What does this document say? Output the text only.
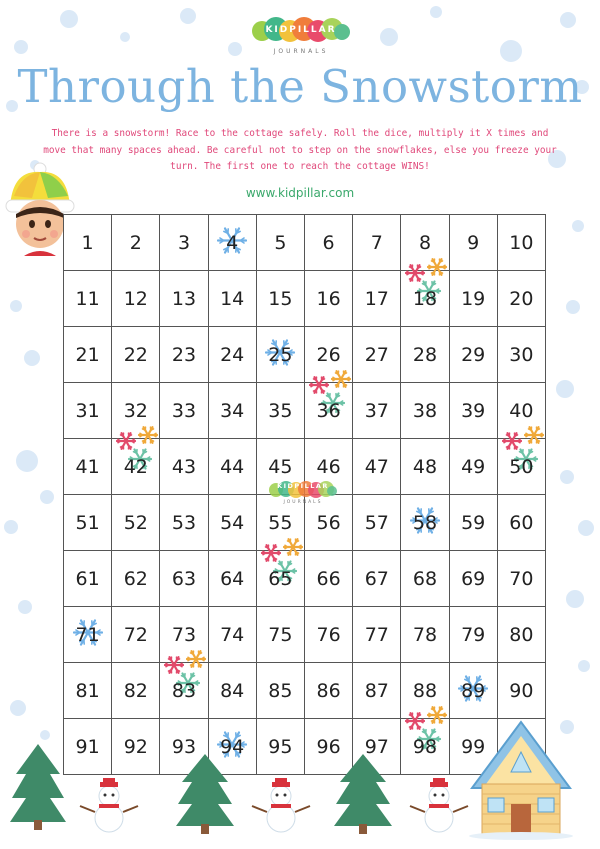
KIDPILLAR
JOURNALS
Through the Snowstorm
There is a snowstorm! Race to the cottage safely. Roll the dice, multiply it X times and move that many spaces ahead. Be careful not to step on the snowflakes, else you freeze your turn. The first one to reach the cottage WINS!
www.kidpillar.com
1 2 3 4 5 6 7 8 9 10
11 12 13 14 15 16 17 18 19 20
21 22 23 24 25 26 27 28 29 30
31 32 33 34 35 36 37 38 39 40
41 42 43 44 45 46 47 48 49 50
51 52 53 54 55 56 57 58 59 60
61 62 63 64 65 66 67 68 69 70
71 72 73 74 75 76 77 78 79 80
81 82 83 84 85 86 87 88 89 90
91 92 93 94 95 96 97 98 99
KIDPILLAR
JOURNALS
